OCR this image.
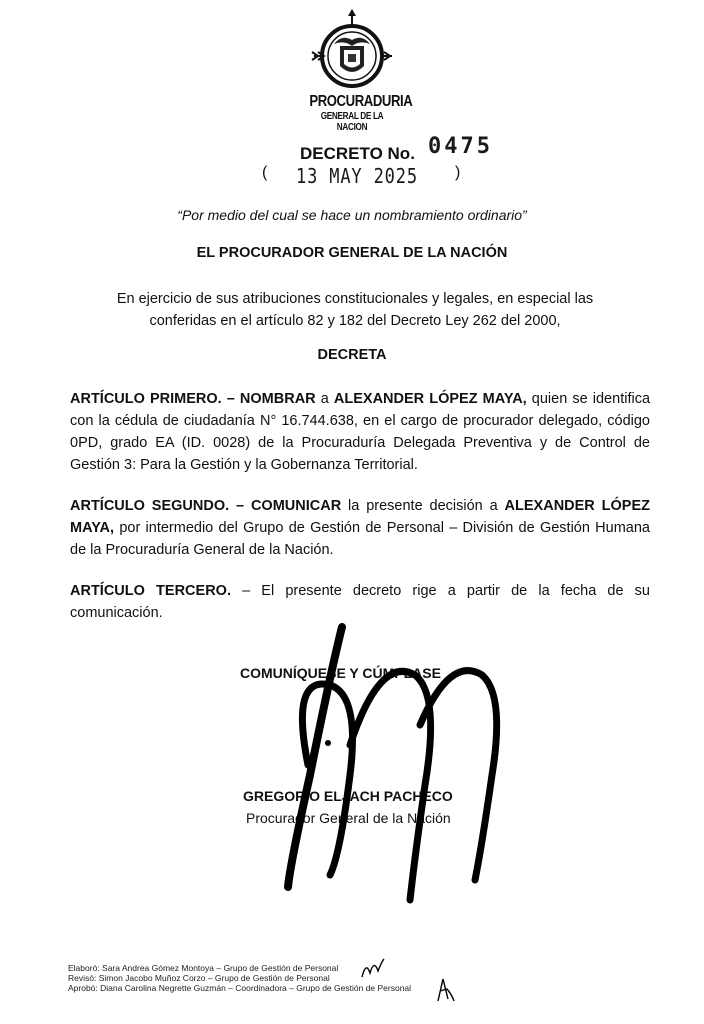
PROCURADURIA
GENERAL DE LA NACION
DECRETO No. 0475
( 13 MAY 2025 )
“Por medio del cual se hace un nombramiento ordinario”
EL PROCURADOR GENERAL DE LA NACIÓN
En ejercicio de sus atribuciones constitucionales y legales, en especial las conferidas en el artículo 82 y 182 del Decreto Ley 262 del 2000,
DECRETA
ARTÍCULO PRIMERO. – NOMBRAR a ALEXANDER LÓPEZ MAYA, quien se identifica con la cédula de ciudadanía N° 16.744.638, en el cargo de procurador delegado, código 0PD, grado EA (ID. 0028) de la Procuraduría Delegada Preventiva y de Control de Gestión 3: Para la Gestión y la Gobernanza Territorial.
ARTÍCULO SEGUNDO. – COMUNICAR la presente decisión a ALEXANDER LÓPEZ MAYA, por intermedio del Grupo de Gestión de Personal – División de Gestión Humana de la Procuraduría General de la Nación.
ARTÍCULO TERCERO. – El presente decreto rige a partir de la fecha de su comunicación.
COMUNÍQUESE Y CÚMPLASE
GREGORIO ELJACH PACHECO
Procurador General de la Nación
Elaboró: Sara Andrea Gómez Montoya – Grupo de Gestión de Personal
Revisó: Simon Jacobo Muñoz Corzo – Grupo de Gestión de Personal
Aprobó: Diana Carolina Negrette Guzmán – Coordinadora – Grupo de Gestión de Personal
